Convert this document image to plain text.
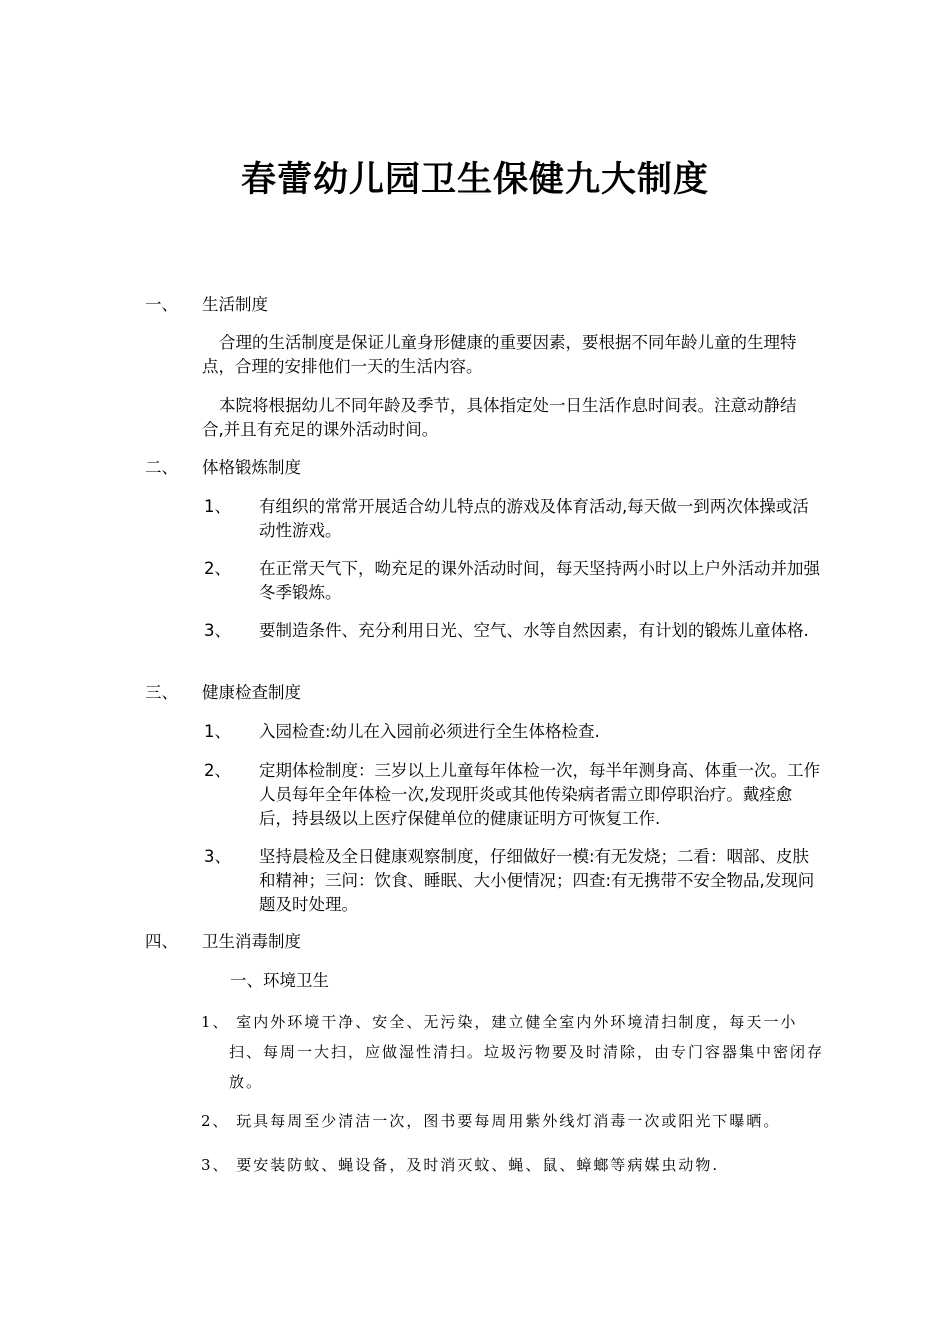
春蕾幼儿园卫生保健九大制度
一、 生活制度
合理的生活制度是保证儿童身形健康的重要因素，要根据不同年龄儿童的生理特点，合理的安排他们一天的生活内容。
本院将根据幼儿不同年龄及季节，具体指定处一日生活作息时间表。注意动静结合,并且有充足的课外活动时间。
二、 体格锻炼制度
1、 有组织的常常开展适合幼儿特点的游戏及体育活动,每天做一到两次体操或活动性游戏。
2、 在正常天气下，呦充足的课外活动时间，每天坚持两小时以上户外活动并加强冬季锻炼。
3、 要制造条件、充分利用日光、空气、水等自然因素，有计划的锻炼儿童体格.
三、 健康检查制度
1、 入园检查:幼儿在入园前必须进行全生体格检查.
2、 定期体检制度：三岁以上儿童每年体检一次，每半年测身高、体重一次。工作人员每年全年体检一次,发现肝炎或其他传染病者需立即停职治疗。戴痊愈后，持县级以上医疗保健单位的健康证明方可恢复工作.
3、 坚持晨检及全日健康观察制度，仔细做好一模:有无发烧；二看：咽部、皮肤和精神；三问：饮食、睡眠、大小便情况；四查:有无携带不安全物品,发现问题及时处理。
四、 卫生消毒制度
一、环境卫生
1、 室内外环境干净、安全、无污染，建立健全室内外环境清扫制度，每天一小扫、每周一大扫，应做湿性清扫。垃圾污物要及时清除，由专门容器集中密闭存放。
2、 玩具每周至少清洁一次，图书要每周用紫外线灯消毒一次或阳光下曝晒。
3、 要安装防蚊、蝇设备，及时消灭蚊、蝇、鼠、蟑螂等病媒虫动物.
